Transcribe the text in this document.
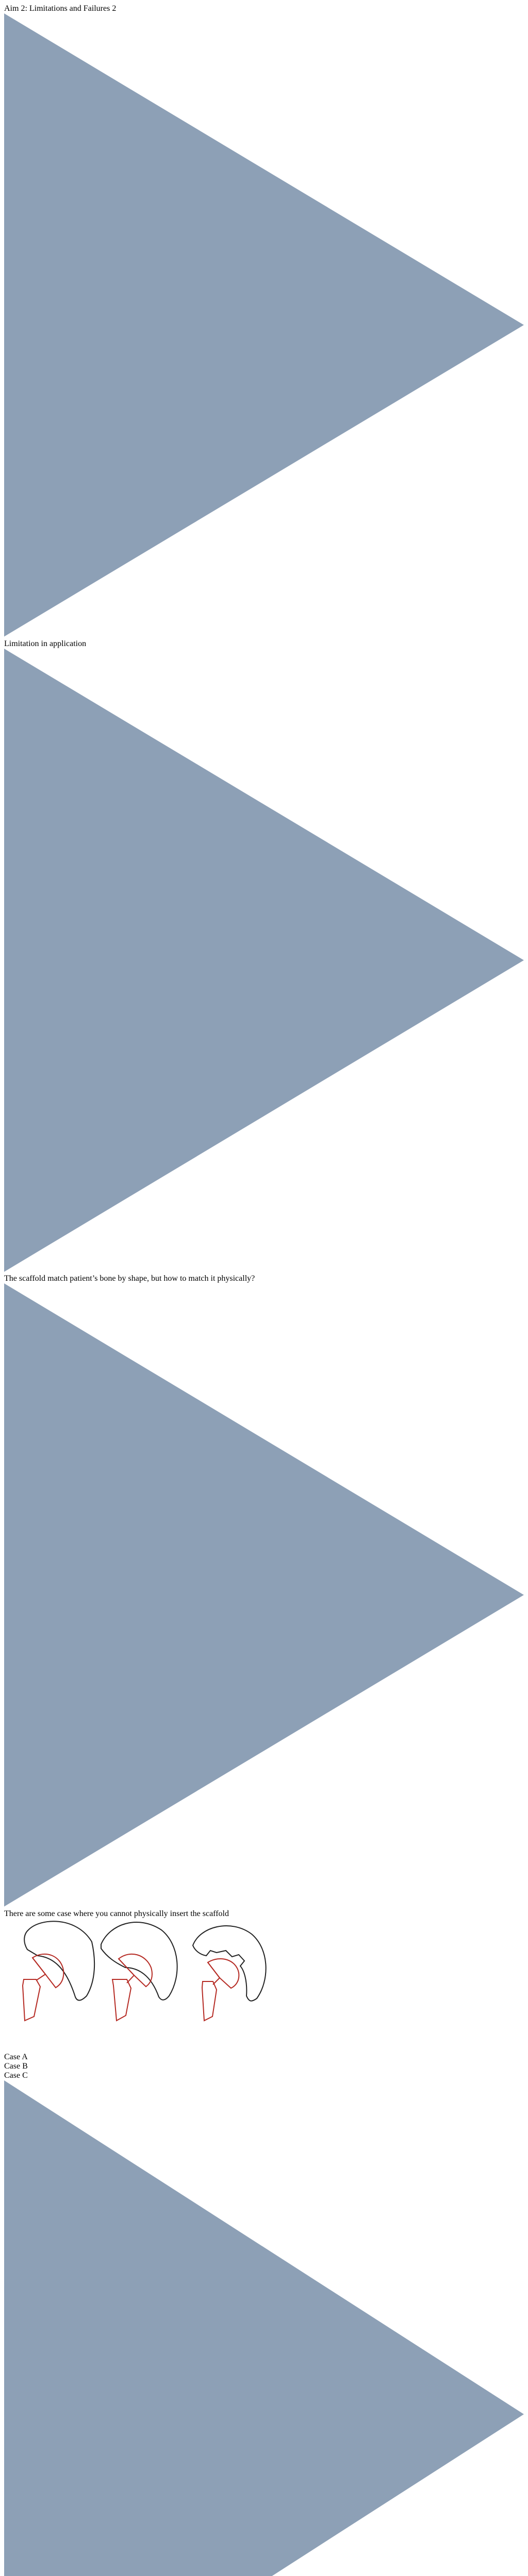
Aim 2: Limitations and Failures 2
Limitation in application
The scaffold match patient’s bone by shape, but how to match it physically?
There are some case where you cannot physically insert the scaffold
Case A
Case B
Case C
